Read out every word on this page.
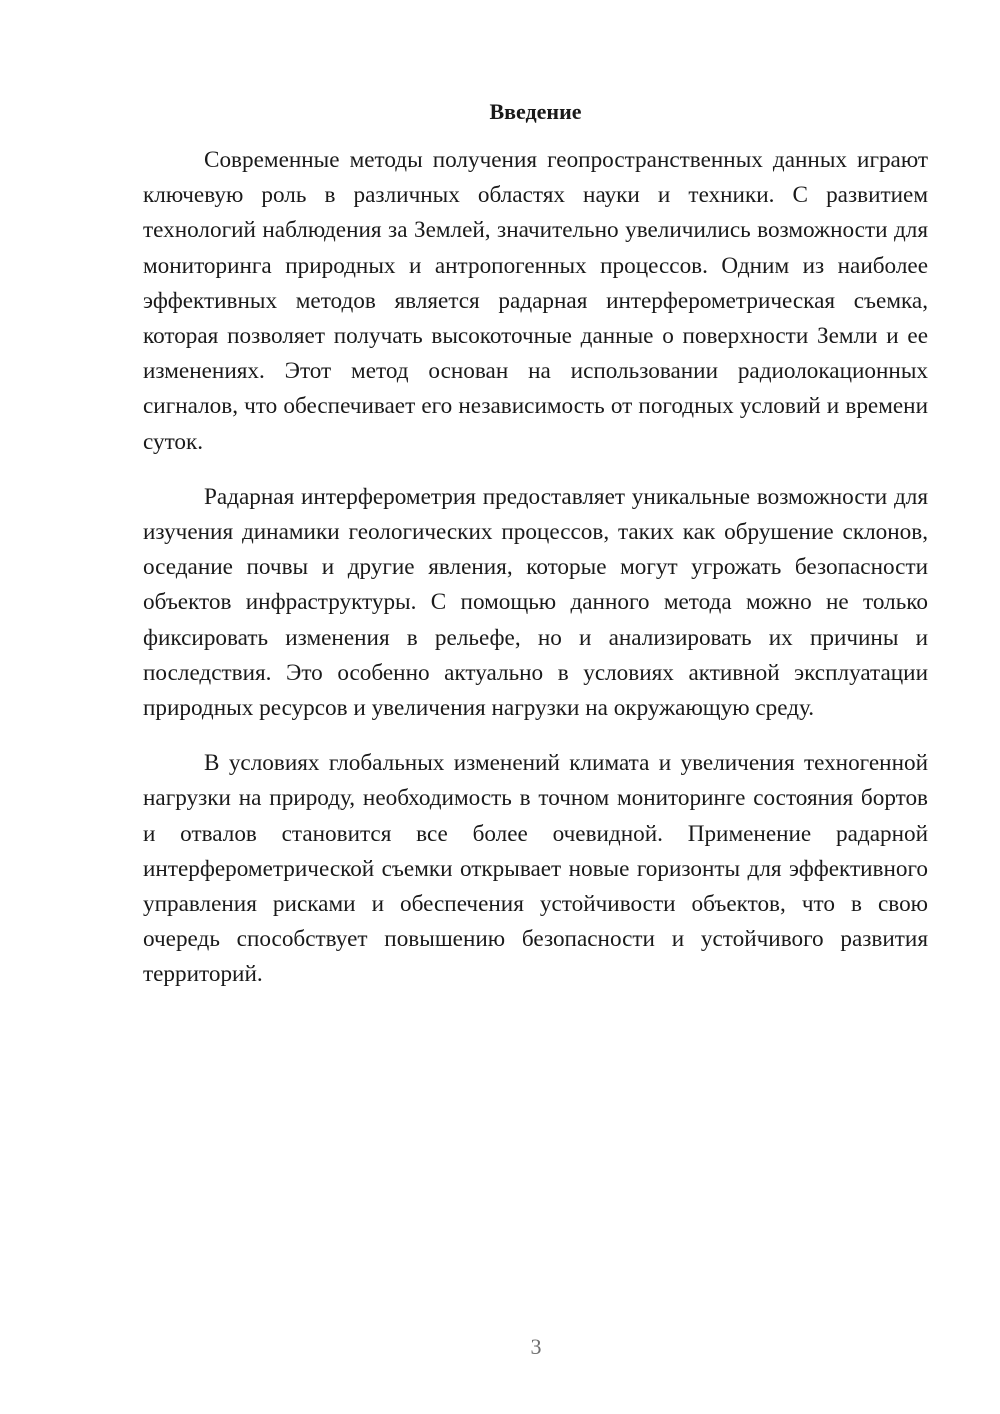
Введение

Современные методы получения геопространственных данных играют ключевую роль в различных областях науки и техники. С развитием технологий наблюдения за Землей, значительно увеличились возможности для мониторинга природных и антропогенных процессов. Одним из наиболее эффективных методов является радарная интерферометрическая съемка, которая позволяет получать высокоточные данные о поверхности Земли и ее изменениях. Этот метод основан на использовании радиолокационных сигналов, что обеспечивает его независимость от погодных условий и времени суток.

Радарная интерферометрия предоставляет уникальные возможности для изучения динамики геологических процессов, таких как обрушение склонов, оседание почвы и другие явления, которые могут угрожать безопасности объектов инфраструктуры. С помощью данного метода можно не только фиксировать изменения в рельефе, но и анализировать их причины и последствия. Это особенно актуально в условиях активной эксплуатации природных ресурсов и увеличения нагрузки на окружающую среду.

В условиях глобальных изменений климата и увеличения техногенной нагрузки на природу, необходимость в точном мониторинге состояния бортов и отвалов становится все более очевидной. Применение радарной интерферометрической съемки открывает новые горизонты для эффективного управления рисками и обеспечения устойчивости объектов, что в свою очередь способствует повышению безопасности и устойчивого развития территорий.

3
